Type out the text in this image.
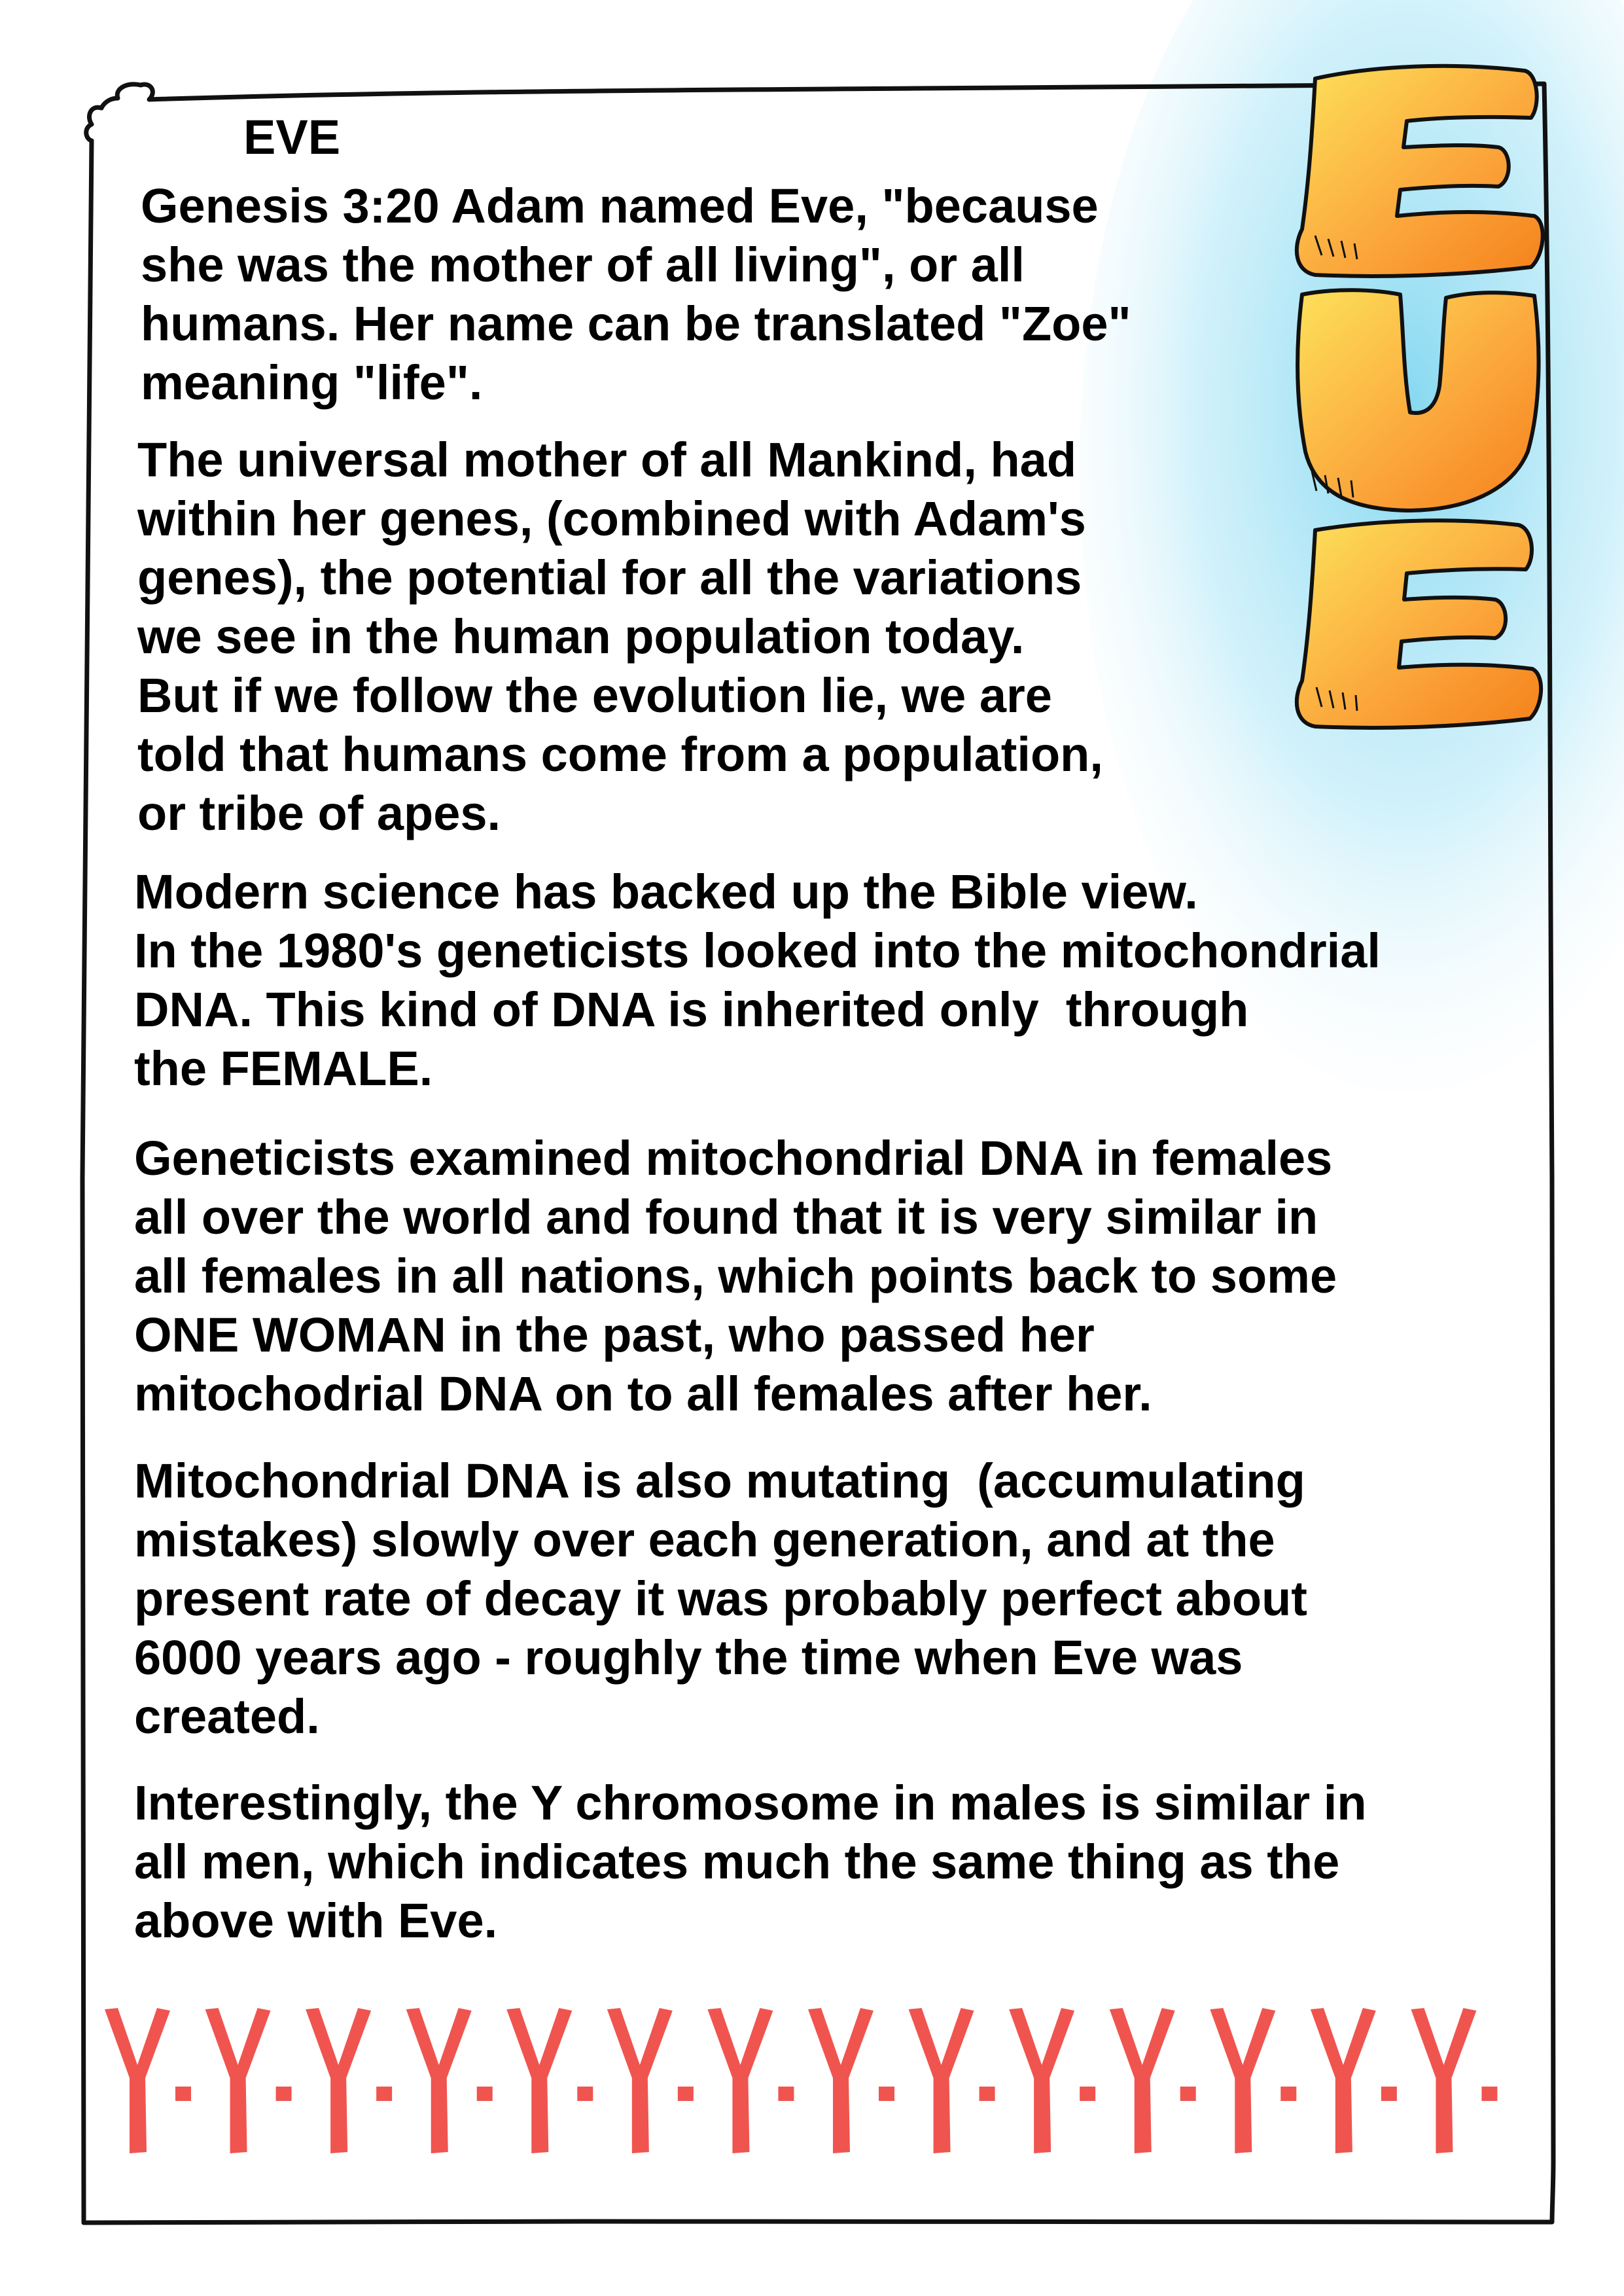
EVE

Genesis 3:20 Adam named Eve, "because
she was the mother of all living", or all
humans. Her name can be translated "Zoe"
meaning "life".

The universal mother of all Mankind, had
within her genes, (combined with Adam's
genes), the potential for all the variations
we see in the human population today.
But if we follow the evolution lie, we are
told that humans come from a population,
or tribe of apes.

Modern science has backed up the Bible view.
In the 1980's geneticists looked into the mitochondrial
DNA. This kind of DNA is inherited only  through
the FEMALE.

Geneticists examined mitochondrial DNA in females
all over the world and found that it is very similar in
all females in all nations, which points back to some
ONE WOMAN in the past, who passed her
mitochodrial DNA on to all females after her.

Mitochondrial DNA is also mutating  (accumulating
mistakes) slowly over each generation, and at the
present rate of decay it was probably perfect about
6000 years ago - roughly the time when Eve was
created.

Interestingly, the Y chromosome in males is similar in
all men, which indicates much the same thing as the
above with Eve.
